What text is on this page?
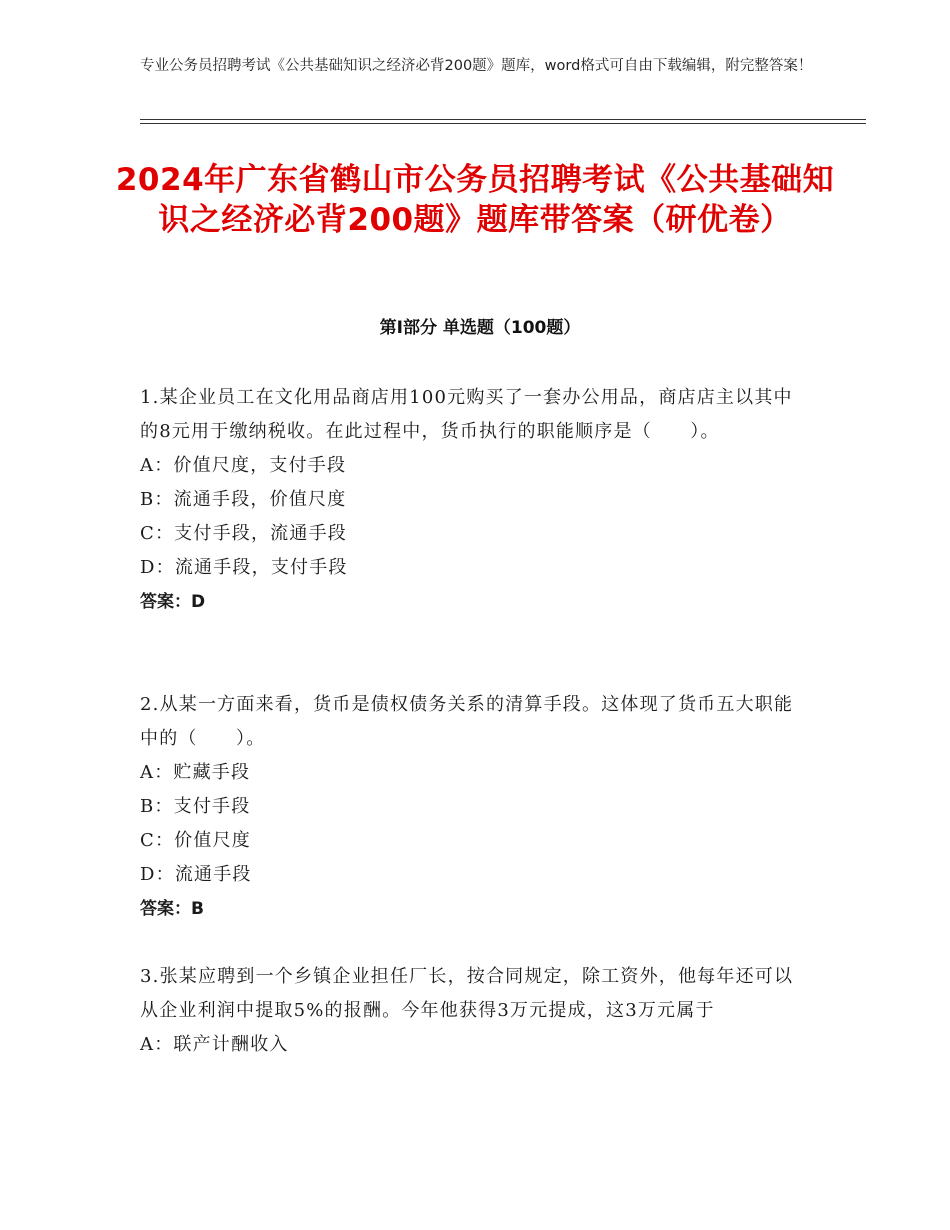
专业公务员招聘考试《公共基础知识之经济必背200题》题库，word格式可自由下载编辑，附完整答案！
2024年广东省鹤山市公务员招聘考试《公共基础知识之经济必背200题》题库带答案（研优卷）
第Ⅰ部分 单选题（100题）

1.某企业员工在文化用品商店用100元购买了一套办公用品，商店店主以其中的8元用于缴纳税收。在此过程中，货币执行的职能顺序是（　　）。

A：价值尺度，支付手段

B：流通手段，价值尺度

C：支付手段，流通手段

D：流通手段，支付手段

答案：D

2.从某一方面来看，货币是债权债务关系的清算手段。这体现了货币五大职能中的（　　）。

A：贮藏手段

B：支付手段

C：价值尺度

D：流通手段

答案：B

3.张某应聘到一个乡镇企业担任厂长，按合同规定，除工资外，他每年还可以从企业利润中提取5%的报酬。今年他获得3万元提成，这3万元属于

A：联产计酬收入
